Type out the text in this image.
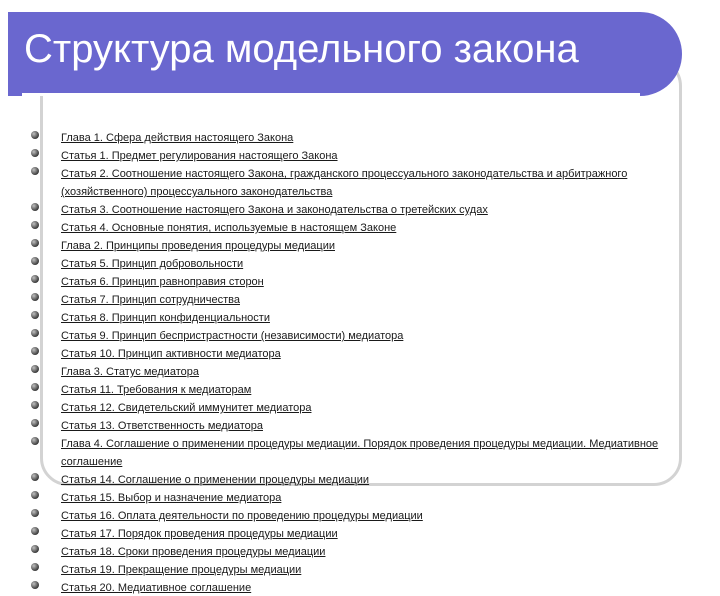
Структура модельного закона
Глава 1. Сфера действия настоящего Закона
Статья 1. Предмет регулирования настоящего Закона
Статья 2. Соотношение настоящего Закона, гражданского процессуального законодательства и арбитражного (хозяйственного) процессуального законодательства
Статья 3. Соотношение настоящего Закона и законодательства о третейских судах
Статья 4. Основные понятия, используемые в настоящем Законе
Глава 2. Принципы проведения процедуры медиации
Статья 5. Принцип добровольности
Статья 6. Принцип равноправия сторон
Статья 7. Принцип сотрудничества
Статья 8. Принцип конфиденциальности
Статья 9. Принцип беспристрастности (независимости) медиатора
Статья 10. Принцип активности медиатора
Глава 3. Статус медиатора
Статья 11. Требования к медиаторам
Статья 12. Свидетельский иммунитет медиатора
Статья 13. Ответственность медиатора
Глава 4. Соглашение о применении процедуры медиации. Порядок проведения процедуры медиации. Медиативное соглашение
Статья 14. Соглашение о применении процедуры медиации
Статья 15. Выбор и назначение медиатора
Статья 16. Оплата деятельности по проведению процедуры медиации
Статья 17. Порядок проведения процедуры медиации
Статья 18. Сроки проведения процедуры медиации
Статья 19. Прекращение процедуры медиации
Статья 20. Медиативное соглашение
